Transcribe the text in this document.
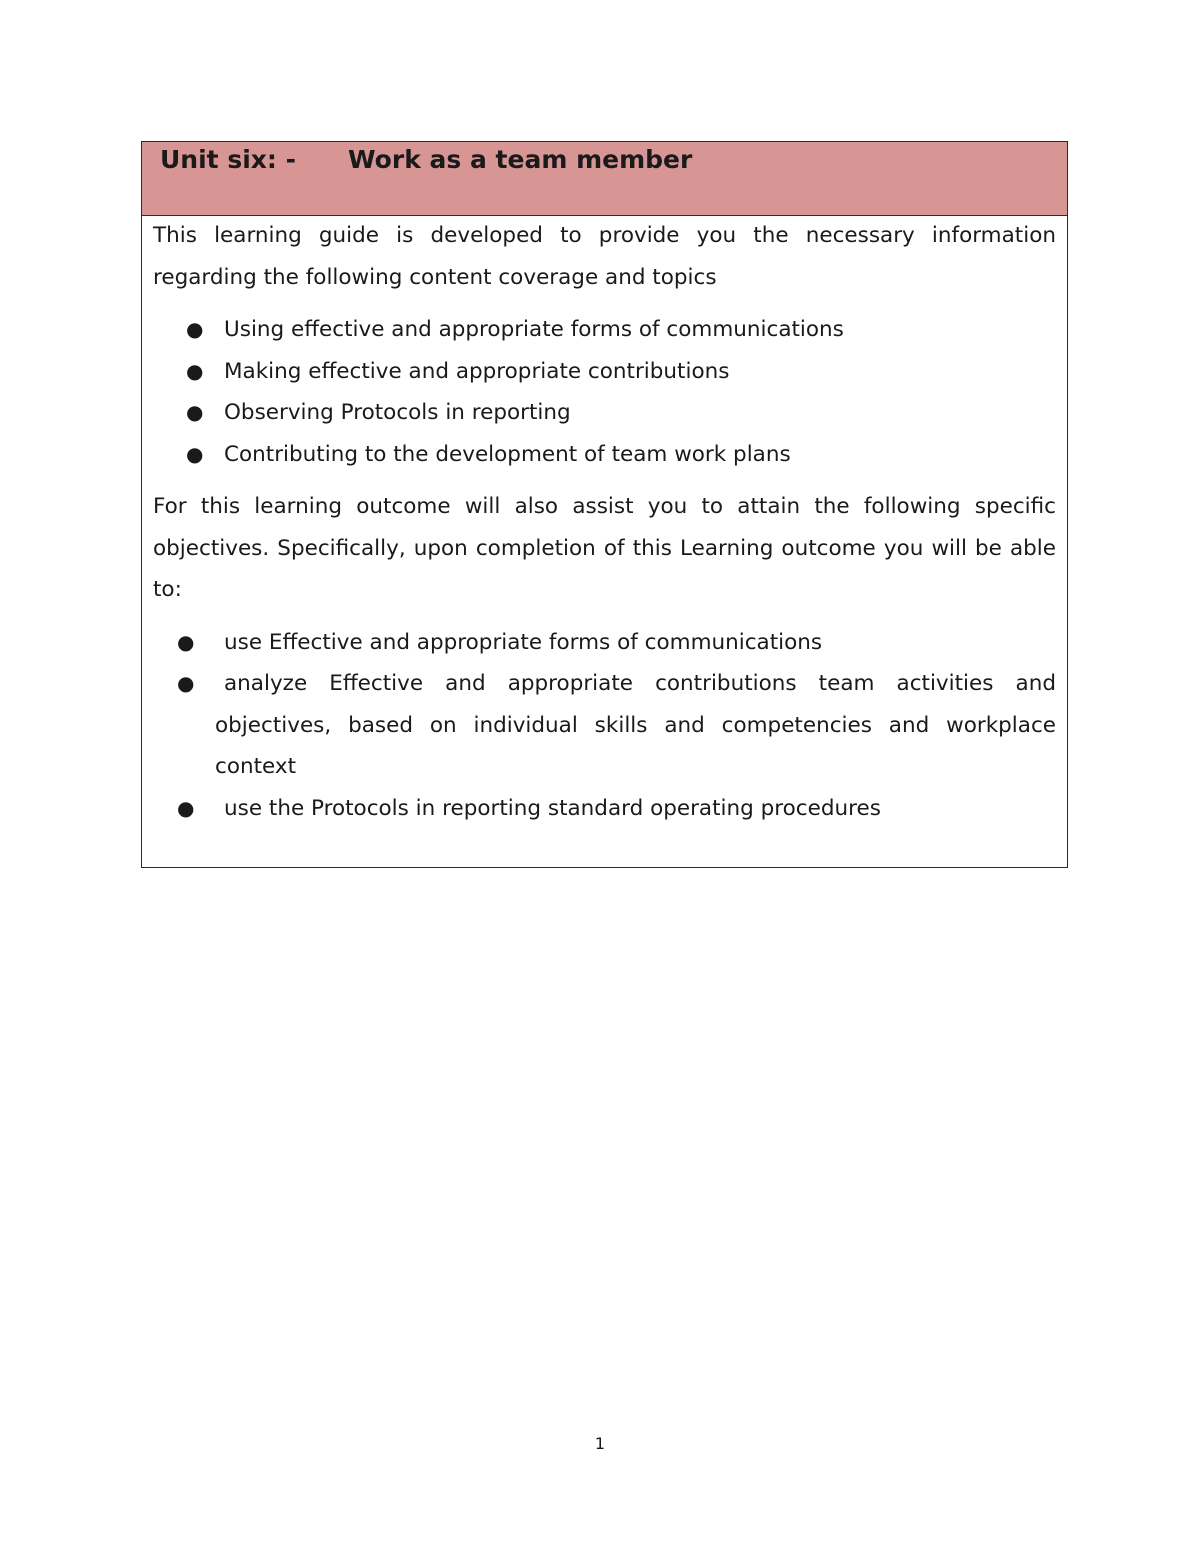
Unit six: - Work as a team member

This learning guide is developed to provide you the necessary information regarding the following content coverage and topics

● Using effective and appropriate forms of communications
● Making effective and appropriate contributions
● Observing Protocols in reporting
● Contributing to the development of team work plans

For this learning outcome will also assist you to attain the following specific objectives. Specifically, upon completion of this Learning outcome you will be able to:

●	use Effective and appropriate forms of communications
●	analyze Effective and appropriate contributions team activities and objectives, based on individual skills and competencies and workplace context
●	use the Protocols in reporting standard operating procedures
1
